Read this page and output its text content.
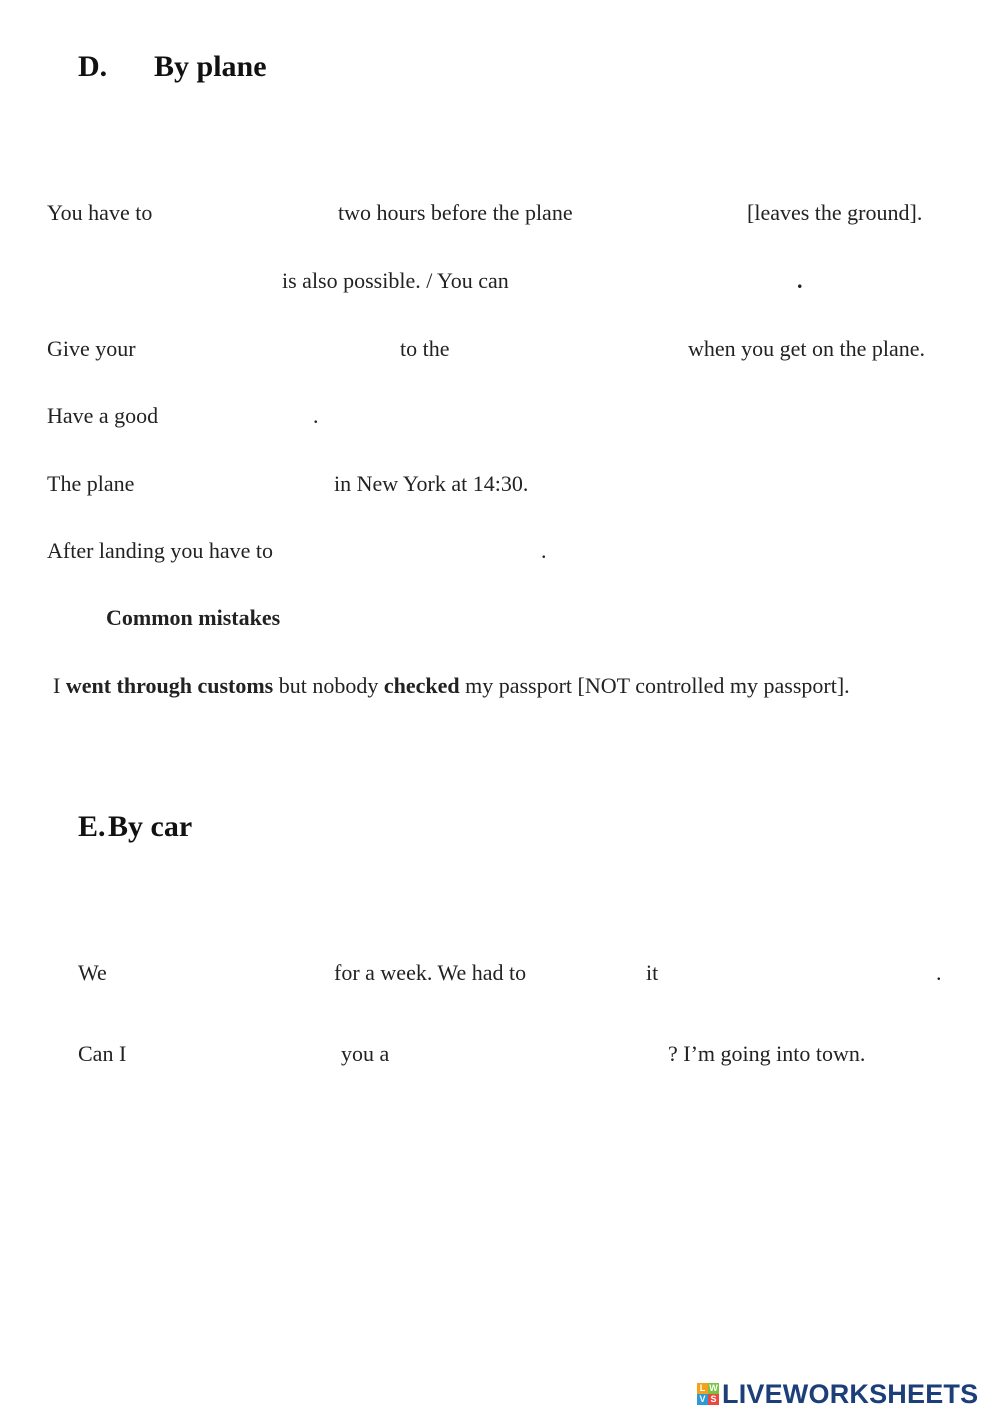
D. By plane
You have to	two hours before the plane	[leaves the ground].
is also possible. / You can	.
Give your	to the	when you get on the plane.
Have a good	.
The plane	in New York at 14:30.
After landing you have to	.
Common mistakes
I went through customs but nobody checked my passport [NOT controlled my passport].
E. By car
We	for a week. We had to	it	.
Can I	you a	? I’m going into town.
L W
V S LIVEWORKSHEETS
